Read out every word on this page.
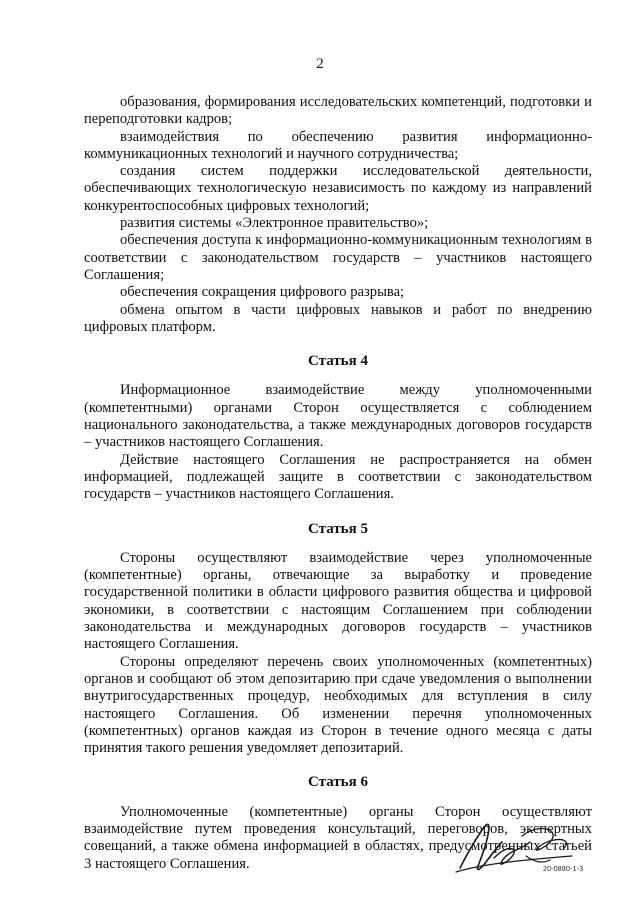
2

образования, формирования исследовательских компетенций, подготовки и переподготовки кадров;

взаимодействия по обеспечению развития информационно-коммуникационных технологий и научного сотрудничества;

создания систем поддержки исследовательской деятельности, обеспечивающих технологическую независимость по каждому из направлений конкурентоспособных цифровых технологий;

развития системы «Электронное правительство»;

обеспечения доступа к информационно-коммуникационным технологиям в соответствии с законодательством государств – участников настоящего Соглашения;

обеспечения сокращения цифрового разрыва;

обмена опытом в части цифровых навыков и работ по внедрению цифровых платформ.

Статья 4

Информационное взаимодействие между уполномоченными (компетентными) органами Сторон осуществляется с соблюдением национального законодательства, а также международных договоров государств – участников настоящего Соглашения.

Действие настоящего Соглашения не распространяется на обмен информацией, подлежащей защите в соответствии с законодательством государств – участников настоящего Соглашения.

Статья 5

Стороны осуществляют взаимодействие через уполномоченные (компетентные) органы, отвечающие за выработку и проведение государственной политики в области цифрового развития общества и цифровой экономики, в соответствии с настоящим Соглашением при соблюдении законодательства и международных договоров государств – участников настоящего Соглашения.

Стороны определяют перечень своих уполномоченных (компетентных) органов и сообщают об этом депозитарию при сдаче уведомления о выполнении внутригосударственных процедур, необходимых для вступления в силу настоящего Соглашения. Об изменении перечня уполномоченных (компетентных) органов каждая из Сторон в течение одного месяца с даты принятия такого решения уведомляет депозитарий.

Статья 6

Уполномоченные (компетентные) органы Сторон осуществляют взаимодействие путем проведения консультаций, переговоров, экспертных совещаний, а также обмена информацией в областях, предусмотренных статьей 3 настоящего Соглашения.	20-0880-1-3
